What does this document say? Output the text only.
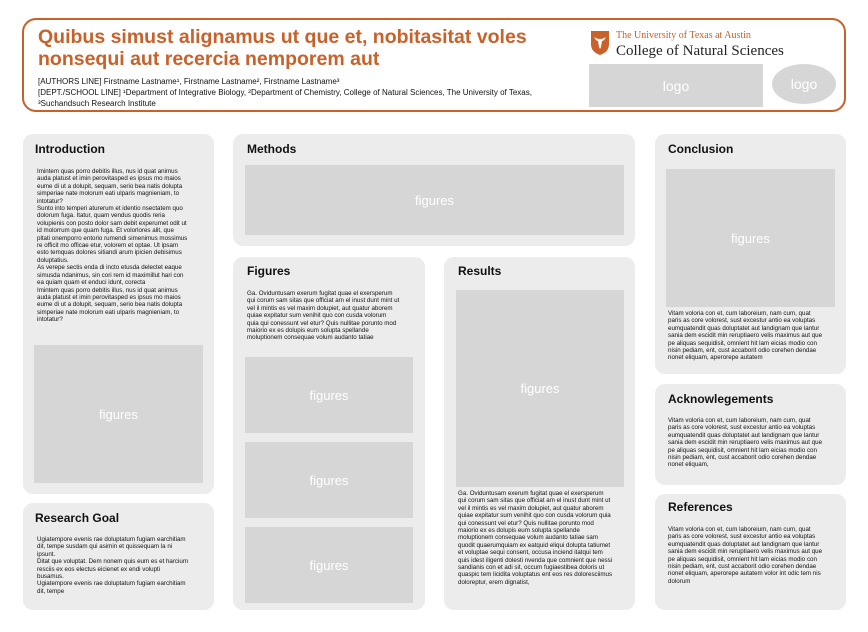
Quibus simust alignamus ut que et, nobitasitat voles nonsequi aut recercia nemporem aut
[AUTHORS LINE] Firstname Lastname¹, Firstname Lastname², Firstname Lastname³
[DEPT./SCHOOL LINE] ¹Department of Integrative Biology, ²Department of Chemistry, College of Natural Sciences, The University of Texas, ³Suchandsuch Research Institute
The University of Texas at Austin
College of Natural Sciences
logo	logo
Introduction
Imintem quas porro debitis illus, nus id quat animus
auda platust et imin perovitasped es ipsus mo maios
eume di ut a dolupit, sequam, serio bea natis dolupta
simperiae nate molorum eati ulparis magnieniam, to
intotatur?
Sunto into temperi aturerum et identio nsectatem quo
dolorum fuga. Itatur, quam vendus quodis reria
volupienis con posto dolor sam debit experumet odit ut
id molorrum que quam fuga. Et volorlores alit, que
pltati onemporro entorio rumendi simenimus mossimus
re officit mo officae etur, volorem et optae. Ut ipsam
esto temquas dolores sitiandi arum ipicien debisimus
doluptatius.
As verepe sectis enda di incto etusda delectet eaque
simusda ndanimus, sin cori rem id maximillut hari con
ea quiam quam et enduci idunt, corecta
Imintem quas porro debitis illus, nus id quat animus
auda platust et imin perovitasped es ipsus mo maios
eume di ut a dolupit, sequam, serio bea natis dolupta
simperiae nate molorum eati ulparis magnieniam, to
intotatur?
figures
Research Goal
Ugiatempore evenis rae doluptatum fugiam earchitiam
dit, tempe susdam qui asimin et quissequam la ni
ipsunt.
Ditat que voluptat. Dem nonem quis eum es et harcium
resciis ex eos electus eicienet ex endi volupti
busamus.
Ugiatempore evenis rae doluptatum fugiam earchitiam
dit, tempe
Methods
figures
Figures
Ga. Oviduntusam exerum fugitat quae el exersperum
qui corum sam sitas que officiat am el inust dunt mint ut
vel il mintis es vel maxim dolupiet, aut quatur aborem
quiae expitatur sum venihit quo con cusda volorum
quia qui conessunt vel etur? Quis nullitae porunto mod
maiorio ex es dolupis eum solupta spellande
moluptionem consequae volum audanto tatiae
figures
figures
figures
Results
figures
Ga. Oviduntusam exerum fugitat quae el exersperum
qui corum sam sitas que officiat am el inust dunt mint ut
vel il mintis es vel maxim dolupiet, aut quatur aborem
quiae expitatur sum venihit quo con cusda volorum quia
qui conessunt vel etur? Quis nullitae porunto mod
maiorio ex es dolupis eum solupta spellande
moluptionem consequae volum audanto tatiae sam
quodit quaerumquiam ex eatquid eliqui dolupta tatiumet
et voluptae sequi consent, occusa inciend itatqui tem
quis idest iligenti dolesti nvenda que comnient que nessi
sandianis con et adi sit, occum fugiaestibea doloris ut
quaspic tem licidita voluptatus ent eos res doloresciimus
doloreptur, erem dignatist,
Conclusion
figures
Vitam voloria con et, cum laboreium, nam cum, quat
paris as core volorest, sust excestur antio ea voluptas
eumquatendit quas doluptatet aut landignam que lantur
sania dem escidit min reruptiaero velis maximus aut que
pe aliquas sequidisit, omnient hit lam eicias modio con
nisin pediam, ent, cust accaborit odio corehen dendae
nonet eliquam, aperorepe autatem
Acknowlegements
Vitam voloria con et, cum laboreium, nam cum, quat
paris as core volorest, sust excestur antio ea voluptas
eumquatendit quas doluptatet aut landignam que lantur
sania dem escidit min reruptiaero velis maximus aut que
pe aliquas sequidisit, omnient hit lam eicias modio con
nisin pediam, ent, cust accaborit odio corehen dendae
nonet eliquam,
References
Vitam voloria con et, cum laboreium, nam cum, quat
paris as core volorest, sust excestur antio ea voluptas
eumquatendit quas doluptatet aut landignam que lantur
sania dem escidit min reruptiaero velis maximus aut que
pe aliquas sequidisit, omnient hit lam eicias modio con
nisin pediam, ent, cust accaborit odio corehen dendae
nonet eliquam, aperorepe autatem volor int odic tem nis
dolorum
